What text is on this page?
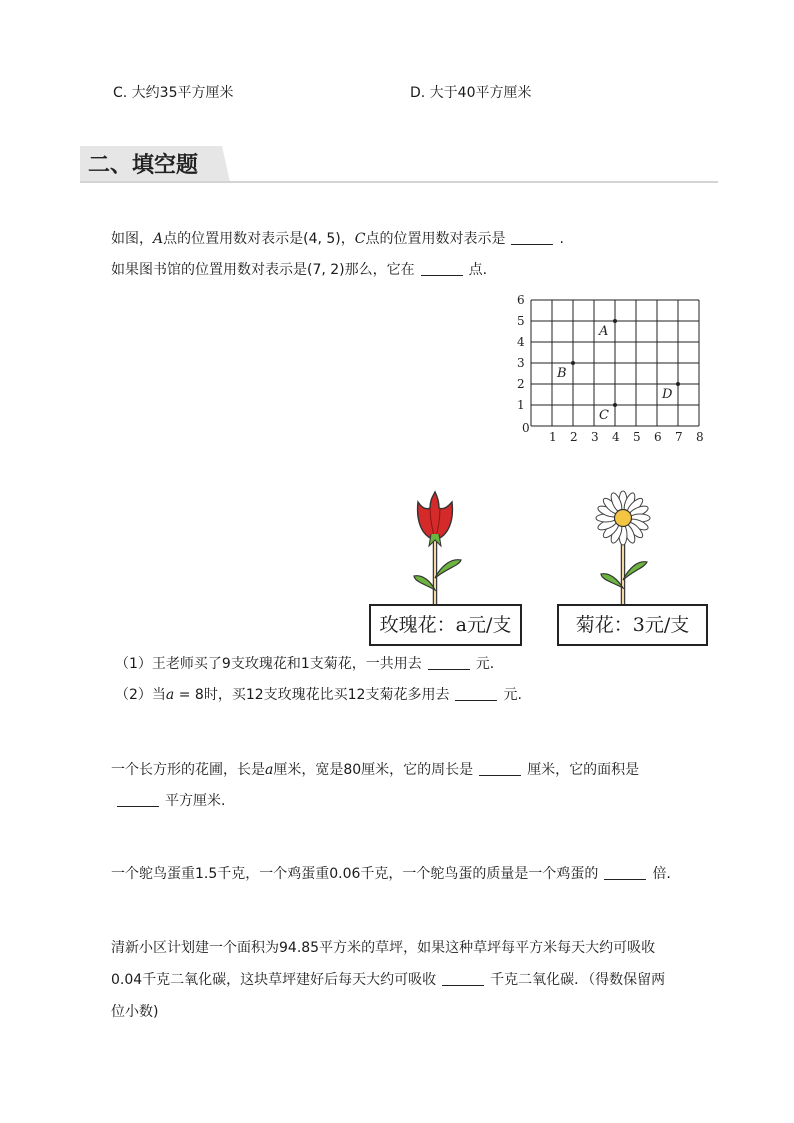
C. 大约35平方厘米	D. 大于40平方厘米
二、填空题
如图，A点的位置用数对表示是(4, 5)，C点的位置用数对表示是	.
如果图书馆的位置用数对表示是(7, 2)那么，它在	点.
0
1 2 3 4 5 6 7 8
1
2
3
4
5
6
A
B
C
D
玫瑰花：a元/支	菊花：3元/支
（1）王老师买了9支玫瑰花和1支菊花，一共用去	元.
（2）当a = 8时，买12支玫瑰花比买12支菊花多用去	元.
一个长方形的花圃，长是a厘米，宽是80厘米，它的周长是	厘米，它的面积是
平方厘米.
一个鸵鸟蛋重1.5千克，一个鸡蛋重0.06千克，一个鸵鸟蛋的质量是一个鸡蛋的	倍.
清新小区计划建一个面积为94.85平方米的草坪，如果这种草坪每平方米每天大约可吸收
0.04千克二氧化碳，这块草坪建好后每天大约可吸收	千克二氧化碳．（得数保留两
位小数)
